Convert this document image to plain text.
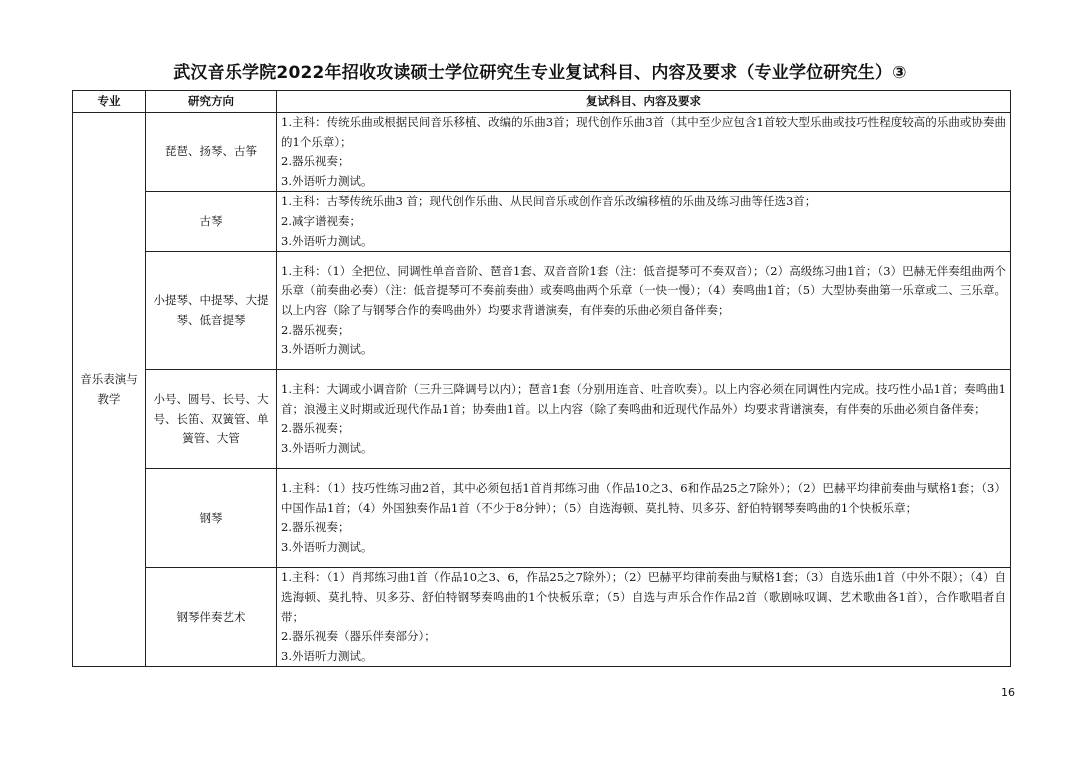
武汉音乐学院2022年招收攻读硕士学位研究生专业复试科目、内容及要求（专业学位研究生）③
专业	研究方向	复试科目、内容及要求
音乐表演与教学	琵琶、扬琴、古筝	1.主科：传统乐曲或根据民间音乐移植、改编的乐曲3首；现代创作乐曲3首（其中至少应包含1首较大型乐曲或技巧性程度较高的乐曲或协奏曲的1个乐章）；
2.器乐视奏；
3.外语听力测试。

	古琴	1.主科：古琴传统乐曲3 首；现代创作乐曲、从民间音乐或创作音乐改编移植的乐曲及练习曲等任选3首；
2.减字谱视奏；
3.外语听力测试。

	小提琴、中提琴、大提琴、低音提琴	1.主科：（1）全把位、同调性单音音阶、琶音1套、双音音阶1套（注：低音提琴可不奏双音）；（2）高级练习曲1首；（3）巴赫无伴奏组曲两个乐章（前奏曲必奏）（注：低音提琴可不奏前奏曲）或奏鸣曲两个乐章（一快一慢）；（4）奏鸣曲1首；（5）大型协奏曲第一乐章或二、三乐章。以上内容（除了与钢琴合作的奏鸣曲外）均要求背谱演奏，有伴奏的乐曲必须自备伴奏；
2.器乐视奏；
3.外语听力测试。

	小号、圆号、长号、大号、长笛、双簧管、单簧管、大管	1.主科：大调或小调音阶（三升三降调号以内）；琶音1套（分别用连音、吐音吹奏）。以上内容必须在同调性内完成。技巧性小品1首；奏鸣曲1首；浪漫主义时期或近现代作品1首；协奏曲1首。以上内容（除了奏鸣曲和近现代作品外）均要求背谱演奏，有伴奏的乐曲必须自备伴奏；
2.器乐视奏；
3.外语听力测试。

	钢琴	1.主科：（1）技巧性练习曲2首，其中必须包括1首肖邦练习曲（作品10之3、6和作品25之7除外）；（2）巴赫平均律前奏曲与赋格1套；（3）中国作品1首；（4）外国独奏作品1首（不少于8分钟）；（5）自选海顿、莫扎特、贝多芬、舒伯特钢琴奏鸣曲的1个快板乐章；
2.器乐视奏；
3.外语听力测试。

	钢琴伴奏艺术	1.主科：（1）肖邦练习曲1首（作品10之3、6，作品25之7除外）；（2）巴赫平均律前奏曲与赋格1套；（3）自选乐曲1首（中外不限）；（4）自选海顿、莫扎特、贝多芬、舒伯特钢琴奏鸣曲的1个快板乐章；（5）自选与声乐合作作品2首（歌剧咏叹调、艺术歌曲各1首），合作歌唱者自带；
2.器乐视奏（器乐伴奏部分）；
3.外语听力测试。
16
